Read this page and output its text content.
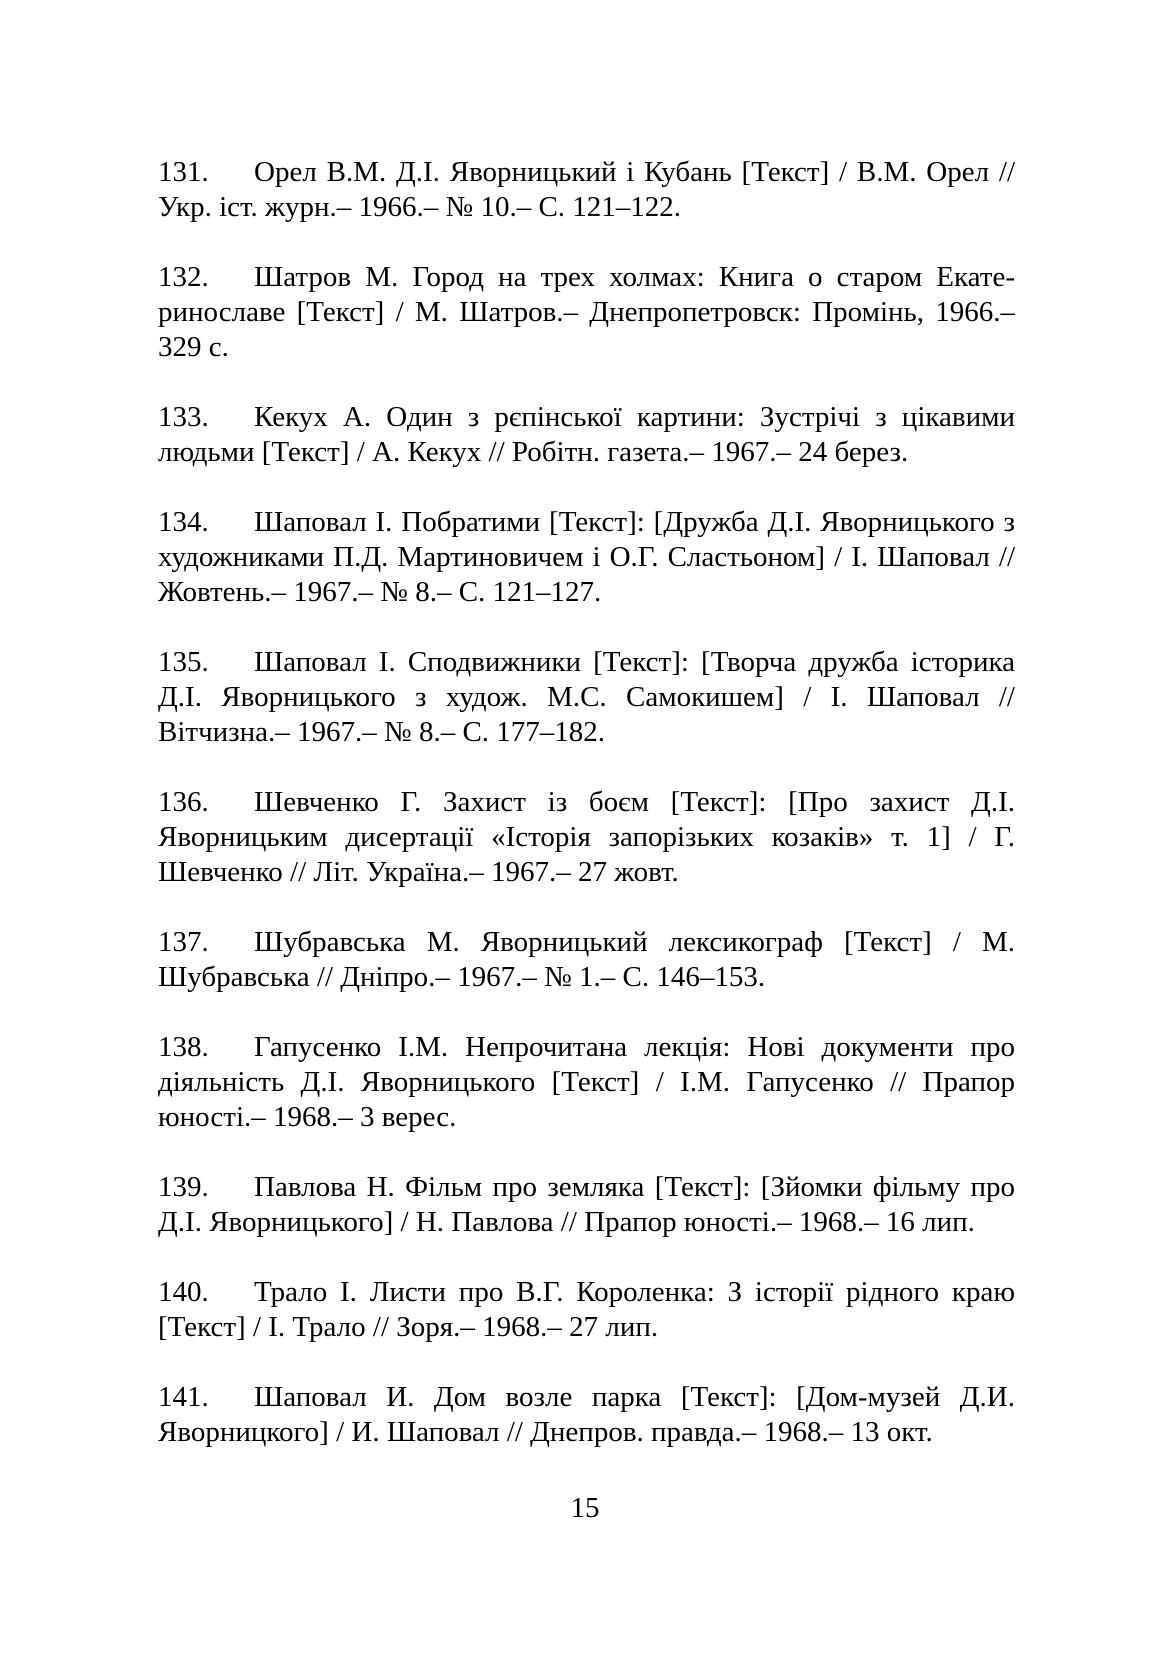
131. Орел В.М. Д.І. Яворницький і Кубань [Текст] / В.М. Орел // Укр. іст. журн.– 1966.– № 10.– С. 121–122.

132. Шатров М. Город на трех холмах: Книга о старом Екатеринославе [Текст] / М. Шатров.– Днепропетровск: Промінь, 1966.– 329 с.

133. Кекух А. Один з рєпінської картини: Зустрічі з цікавими людьми [Текст] / А. Кекух // Робітн. газета.– 1967.– 24 берез.

134. Шаповал І. Побратими [Текст]: [Дружба Д.І. Яворницького з художниками П.Д. Мартиновичем і О.Г. Сластьоном] / І. Шаповал // Жовтень.– 1967.– № 8.– С. 121–127.

135. Шаповал І. Сподвижники [Текст]: [Творча дружба історика Д.І. Яворницького з худож. М.С. Самокишем] / І. Шаповал // Вітчизна.– 1967.– № 8.– С. 177–182.

136. Шевченко Г. Захист із боєм [Текст]: [Про захист Д.І. Яворницьким дисертації «Історія запорізьких козаків» т. 1] / Г. Шевченко // Літ. Україна.– 1967.– 27 жовт.

137. Шубравська М. Яворницький лексикограф [Текст] / М. Шубравська // Дніпро.– 1967.– № 1.– С. 146–153.

138. Гапусенко І.М. Непрочитана лекція: Нові документи про діяльність Д.І. Яворницького [Текст] / І.М. Гапусенко // Прапор юності.– 1968.– 3 верес.

139. Павлова Н. Фільм про земляка [Текст]: [Зйомки фільму про Д.І. Яворницького] / Н. Павлова // Прапор юності.– 1968.– 16 лип.

140. Трало І. Листи про В.Г. Короленка: З історії рідного краю [Текст] / І. Трало // Зоря.– 1968.– 27 лип.

141. Шаповал И. Дом возле парка [Текст]: [Дом-музей Д.И. Яворницкого] / И. Шаповал // Днепров. правда.– 1968.– 13 окт.

15
